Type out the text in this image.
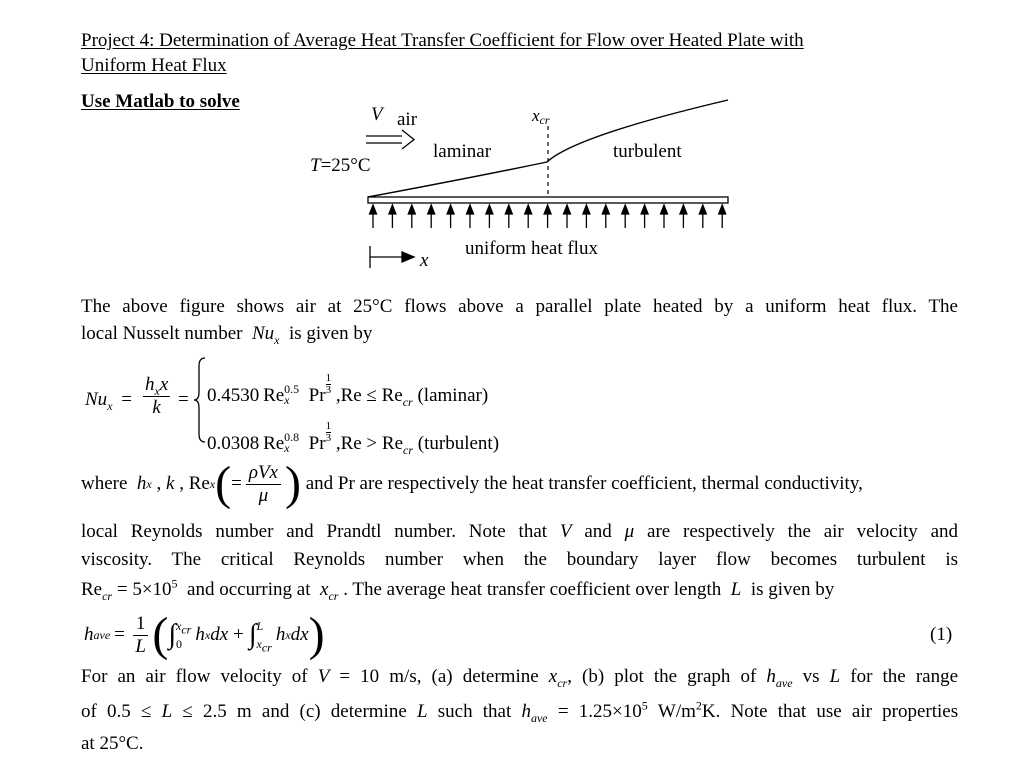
Project 4: Determination of Average Heat Transfer Coefficient for Flow over Heated Plate with
Uniform Heat Flux
Use Matlab to solve
V air	xcr
laminar	turbulent
T=25°C
x
uniform heat flux
The above figure shows air at 25°C flows above a parallel plate heated by a uniform heat flux. The
local Nusselt number $Nu_x$ is given by
$Nu_x$ =
$h_xx$
k = 0.4530  Re 0.5
x	Pr $\frac{1}{3} ,Re \le Re_{cr}$ (laminar)
0.0308  Re 0.8
x	Pr $\frac{1}{3} ,Re > Re_{cr}$ (turbulent)
where
h x , k , Re x ( = $\frac{\text{ρVx}}{\mu}$ )
and Pr are respectively the heat transfer coefficient, thermal conductivity,
local Reynolds number and Prandtl number. Note that V and μ are respectively the air velocity and
viscosity. The critical Reynolds number when the boundary layer flow becomes turbulent is
$Re_{cr} = 5\times 10^5$ and occurring at $x_{cr}$ . The average heat transfer coefficient over length L is given by
h ave = $\frac{1}{L}$ ( ∫ $x_{cr}$
0 h x dx + ∫ L
$x_{cr}$
h x dx )	(1)
For an air flow velocity of V = 10 m/s, (a) determine $x_{cr}$, (b) plot the graph of $h_{ave}$ vs L for the range
of 0.5 ≤ L ≤ 2.5 m and (c) determine L such that $h_{ave} = 1.25\times 10^5$ $W/m^2K$. Note that use air properties
at 25°C.
